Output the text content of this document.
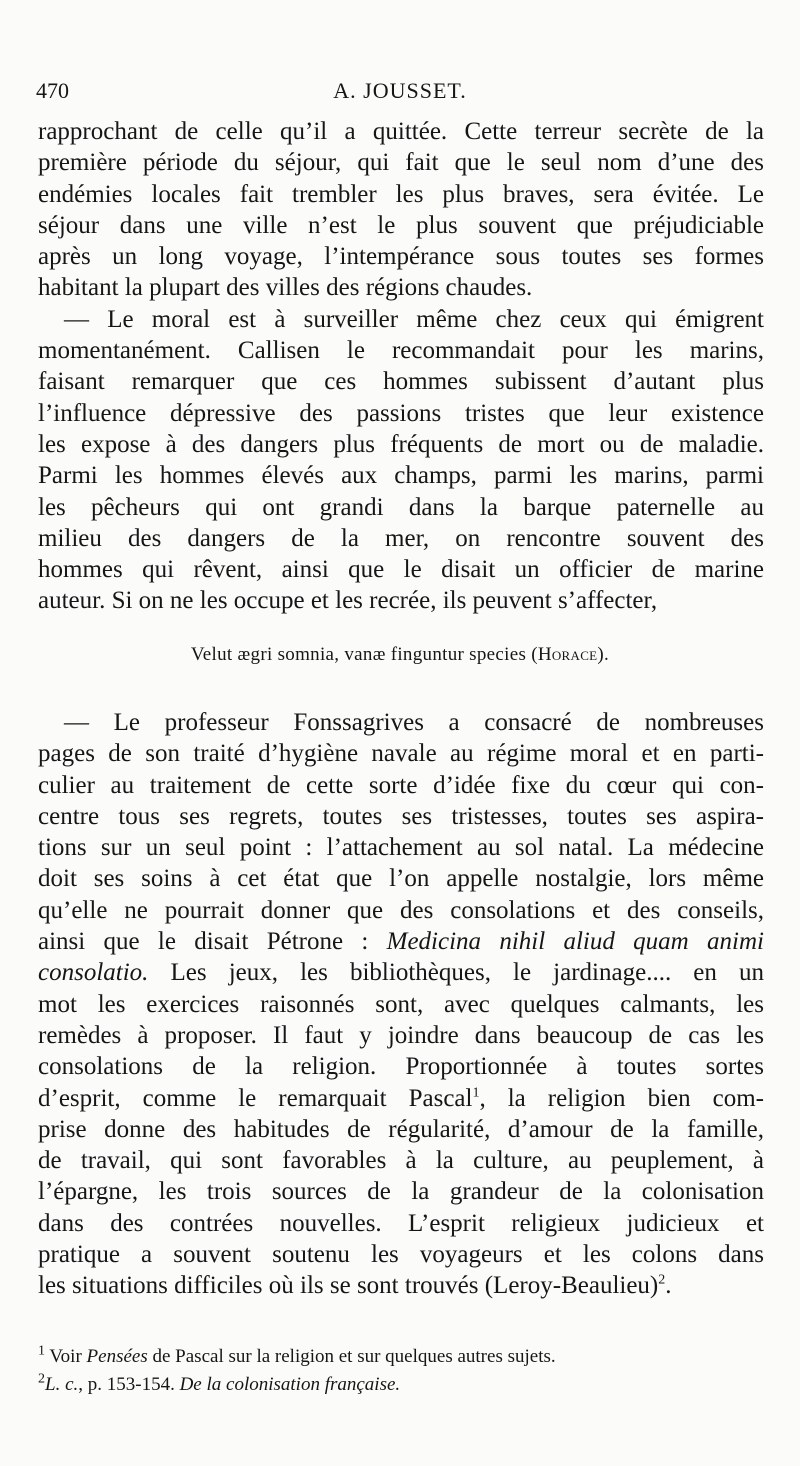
470	A. JOUSSET.
rapprochant de celle qu’il a quittée. Cette terreur secrète de la
première période du séjour, qui fait que le seul nom d’une des
endémies locales fait trembler les plus braves, sera évitée. Le
séjour dans une ville n’est le plus souvent que préjudiciable
après un long voyage, l’intempérance sous toutes ses formes
habitant la plupart des villes des régions chaudes.
— Le moral est à surveiller même chez ceux qui émigrent
momentanément. Callisen le recommandait pour les marins,
faisant remarquer que ces hommes subissent d’autant plus
l’influence dépressive des passions tristes que leur existence
les expose à des dangers plus fréquents de mort ou de maladie.
Parmi les hommes élevés aux champs, parmi les marins, parmi
les pêcheurs qui ont grandi dans la barque paternelle au
milieu des dangers de la mer, on rencontre souvent des
hommes qui rêvent, ainsi que le disait un officier de marine
auteur. Si on ne les occupe et les recrée, ils peuvent s’affecter,
Velut ægri somnia, vanæ finguntur species (Horace).
— Le professeur Fonssagrives a consacré de nombreuses
pages de son traité d’hygiène navale au régime moral et en parti-
culier au traitement de cette sorte d’idée fixe du cœur qui con-
centre tous ses regrets, toutes ses tristesses, toutes ses aspira-
tions sur un seul point : l’attachement au sol natal. La médecine
doit ses soins à cet état que l’on appelle nostalgie, lors même
qu’elle ne pourrait donner que des consolations et des conseils,
ainsi que le disait Pétrone : Medicina nihil aliud quam animi
consolatio. Les jeux, les bibliothèques, le jardinage.... en un
mot les exercices raisonnés sont, avec quelques calmants, les
remèdes à proposer. Il faut y joindre dans beaucoup de cas les
consolations de la religion. Proportionnée à toutes sortes
d’esprit, comme le remarquait Pascal$^1$, la religion bien com-
prise donne des habitudes de régularité, d’amour de la famille,
de travail, qui sont favorables à la culture, au peuplement, à
l’épargne, les trois sources de la grandeur de la colonisation
dans des contrées nouvelles. L’esprit religieux judicieux et
pratique a souvent soutenu les voyageurs et les colons dans
les situations difficiles où ils se sont trouvés (Leroy-Beaulieu)$^2$.
$^1$ Voir Pensées de Pascal sur la religion et sur quelques autres sujets.
$^2$L. c., p. 153-154. De la colonisation française.
